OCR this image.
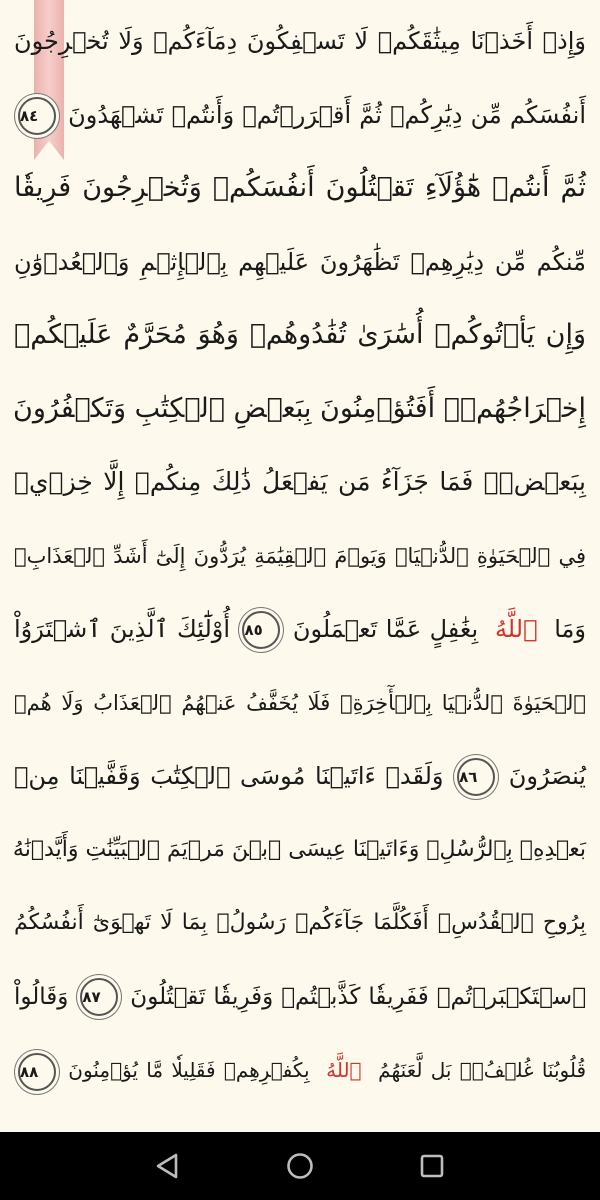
وَإِذۡ أَخَذۡنَا مِيثَٰقَكُمۡ لَا تَسۡفِكُونَ دِمَآءَكُمۡ وَلَا تُخۡرِجُونَ
أَنفُسَكُم مِّن دِيَٰرِكُمۡ ثُمَّ أَقۡرَرۡتُمۡ وَأَنتُمۡ تَشۡهَدُونَ ٨٤
ثُمَّ أَنتُمۡ هَٰٓؤُلَآءِ تَقۡتُلُونَ أَنفُسَكُمۡ وَتُخۡرِجُونَ فَرِيقٗا
مِّنكُم مِّن دِيَٰرِهِمۡ تَظَٰهَرُونَ عَلَيۡهِم بِٱلۡإِثۡمِ وَٱلۡعُدۡوَٰنِ
وَإِن يَأۡتُوكُمۡ أُسَٰرَىٰ تُفَٰدُوهُمۡ وَهُوَ مُحَرَّمٌ عَلَيۡكُمۡ
إِخۡرَاجُهُمۡۚ أَفَتُؤۡمِنُونَ بِبَعۡضِ ٱلۡكِتَٰبِ وَتَكۡفُرُونَ
بِبَعۡضٖۚ فَمَا جَزَآءُ مَن يَفۡعَلُ ذَٰلِكَ مِنكُمۡ إِلَّا خِزۡيٞ
فِي ٱلۡحَيَوٰةِ ٱلدُّنۡيَاۖ وَيَوۡمَ ٱلۡقِيَٰمَةِ يُرَدُّونَ إِلَىٰٓ أَشَدِّ ٱلۡعَذَابِۗ
وَمَا  ٱللَّهُ  بِغَٰفِلٍ عَمَّا تَعۡمَلُونَ ٨٥ أُوْلَٰٓئِكَ ٱلَّذِينَ ٱشۡتَرَوُاْ
ٱلۡحَيَوٰةَ ٱلدُّنۡيَا بِٱلۡأٓخِرَةِۖ فَلَا يُخَفَّفُ عَنۡهُمُ ٱلۡعَذَابُ وَلَا هُمۡ
يُنصَرُونَ ٨٦ وَلَقَدۡ ءَاتَيۡنَا مُوسَى ٱلۡكِتَٰبَ وَقَفَّيۡنَا مِنۢ
بَعۡدِهِۦ بِٱلرُّسُلِۖ وَءَاتَيۡنَا عِيسَى ٱبۡنَ مَرۡيَمَ ٱلۡبَيِّنَٰتِ وَأَيَّدۡنَٰهُ
بِرُوحِ ٱلۡقُدُسِۗ أَفَكُلَّمَا جَآءَكُمۡ رَسُولُۢ بِمَا لَا تَهۡوَىٰٓ أَنفُسُكُمُ
ٱسۡتَكۡبَرۡتُمۡ فَفَرِيقٗا كَذَّبۡتُمۡ وَفَرِيقٗا تَقۡتُلُونَ ٨٧ وَقَالُواْ
قُلُوبُنَا غُلۡفُۢۚ بَل لَّعَنَهُمُ  ٱللَّهُ  بِكُفۡرِهِمۡ فَقَلِيلٗا مَّا يُؤۡمِنُونَ ٨٨
